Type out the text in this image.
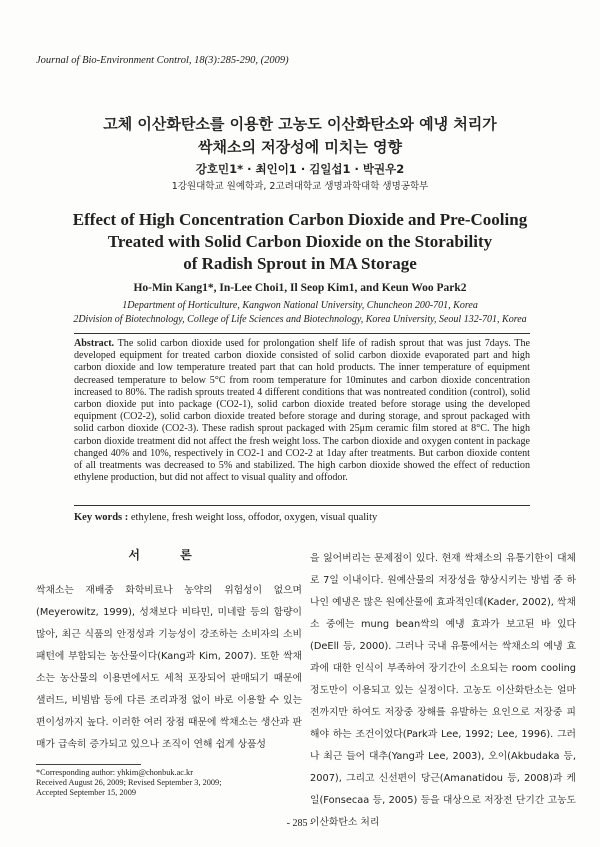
Journal of Bio-Environment Control, 18(3):285-290, (2009)
고체 이산화탄소를 이용한 고농도 이산화탄소와 예냉 처리가
싹채소의 저장성에 미치는 영향
강호민1* · 최인이1 · 김일섭1 · 박권우2
1강원대학교 원예학과, 2고려대학교 생명과학대학 생명공학부
Effect of High Concentration Carbon Dioxide and Pre-Cooling
Treated with Solid Carbon Dioxide on the Storability
of Radish Sprout in MA Storage
Ho-Min Kang1*, In-Lee Choi1, Il Seop Kim1, and Keun Woo Park2
1Department of Horticulture, Kangwon National University, Chuncheon 200-701, Korea
2Division of Biotechnology, College of Life Sciences and Biotechnology, Korea University, Seoul 132-701, Korea
Abstract. The solid carbon dioxide used for prolongation shelf life of radish sprout that was just 7days. The developed equipment for treated carbon dioxide consisted of solid carbon dioxide evaporated part and high carbon dioxide and low temperature treated part that can hold products. The inner temperature of equipment decreased temperature to below 5°C from room temperature for 10minutes and carbon dioxide concentration increased to 80%. The radish sprouts treated 4 different conditions that was nontreated condition (control), solid carbon dioxide put into package (CO2-1), solid carbon dioxide treated before storage using the developed equipment (CO2-2), solid carbon dioxide treated before storage and during storage, and sprout packaged with solid carbon dioxide (CO2-3). These radish sprout packaged with 25μm ceramic film stored at 8°C. The high carbon dioxide treatment did not affect the fresh weight loss. The carbon dioxide and oxygen content in package changed 40% and 10%, respectively in CO2-1 and CO2-2 at 1day after treatments. But carbon dioxide content of all treatments was decreased to 5% and stabilized. The high carbon dioxide showed the effect of reduction ethylene production, but did not affect to visual quality and offodor.
Key words : ethylene, fresh weight loss, offodor, oxygen, visual quality
서 론
싹채소는 재배중 화학비료나 농약의 위험성이 없으며(Meyerowitz, 1999), 성채보다 비타민, 미네랄 등의 함량이 많아, 최근 식품의 안정성과 기능성이 강조하는 소비자의 소비패턴에 부합되는 농산물이다(Kang과 Kim, 2007). 또한 싹채소는 농산물의 이용면에서도 세척 포장되어 판매되기 때문에 샐러드, 비빔밥 등에 다른 조리과정 없이 바로 이용할 수 있는 편이성까지 높다. 이러한 여러 장점 때문에 싹채소는 생산과 판매가 급속히 증가되고 있으나 조직이 연해 쉽게 상품성
을 잃어버리는 문제점이 있다. 현재 싹채소의 유통기한이 대체로 7일 이내이다. 원예산물의 저장성을 향상시키는 방법 중 하나인 예냉은 많은 원예산물에 효과적인데(Kader, 2002), 싹채소 중에는 mung bean싹의 예냉 효과가 보고된 바 있다(DeEll 등, 2000). 그러나 국내 유통에서는 싹채소의 예냉 효과에 대한 인식이 부족하여 장기간이 소요되는 room cooling 정도만이 이용되고 있는 실정이다. 고농도 이산화탄소는 얼마 전까지만 하여도 저장중 장해를 유발하는 요인으로 저장중 피해야 하는 조건이었다(Park과 Lee, 1992; Lee, 1996). 그러나 최근 들어 대추(Yang과 Lee, 2003), 오이(Akbudaka 등, 2007), 그리고 신선편이 당근(Amanatidou 등, 2008)과 케일(Fonsecaa 등, 2005) 등을 대상으로 저장전 단기간 고농도 이산화탄소 처리
*Corresponding author: yhkim@chonbuk.ac.kr
Received August 26, 2009; Revised September 3, 2009;
Accepted September 15, 2009
- 285 -
